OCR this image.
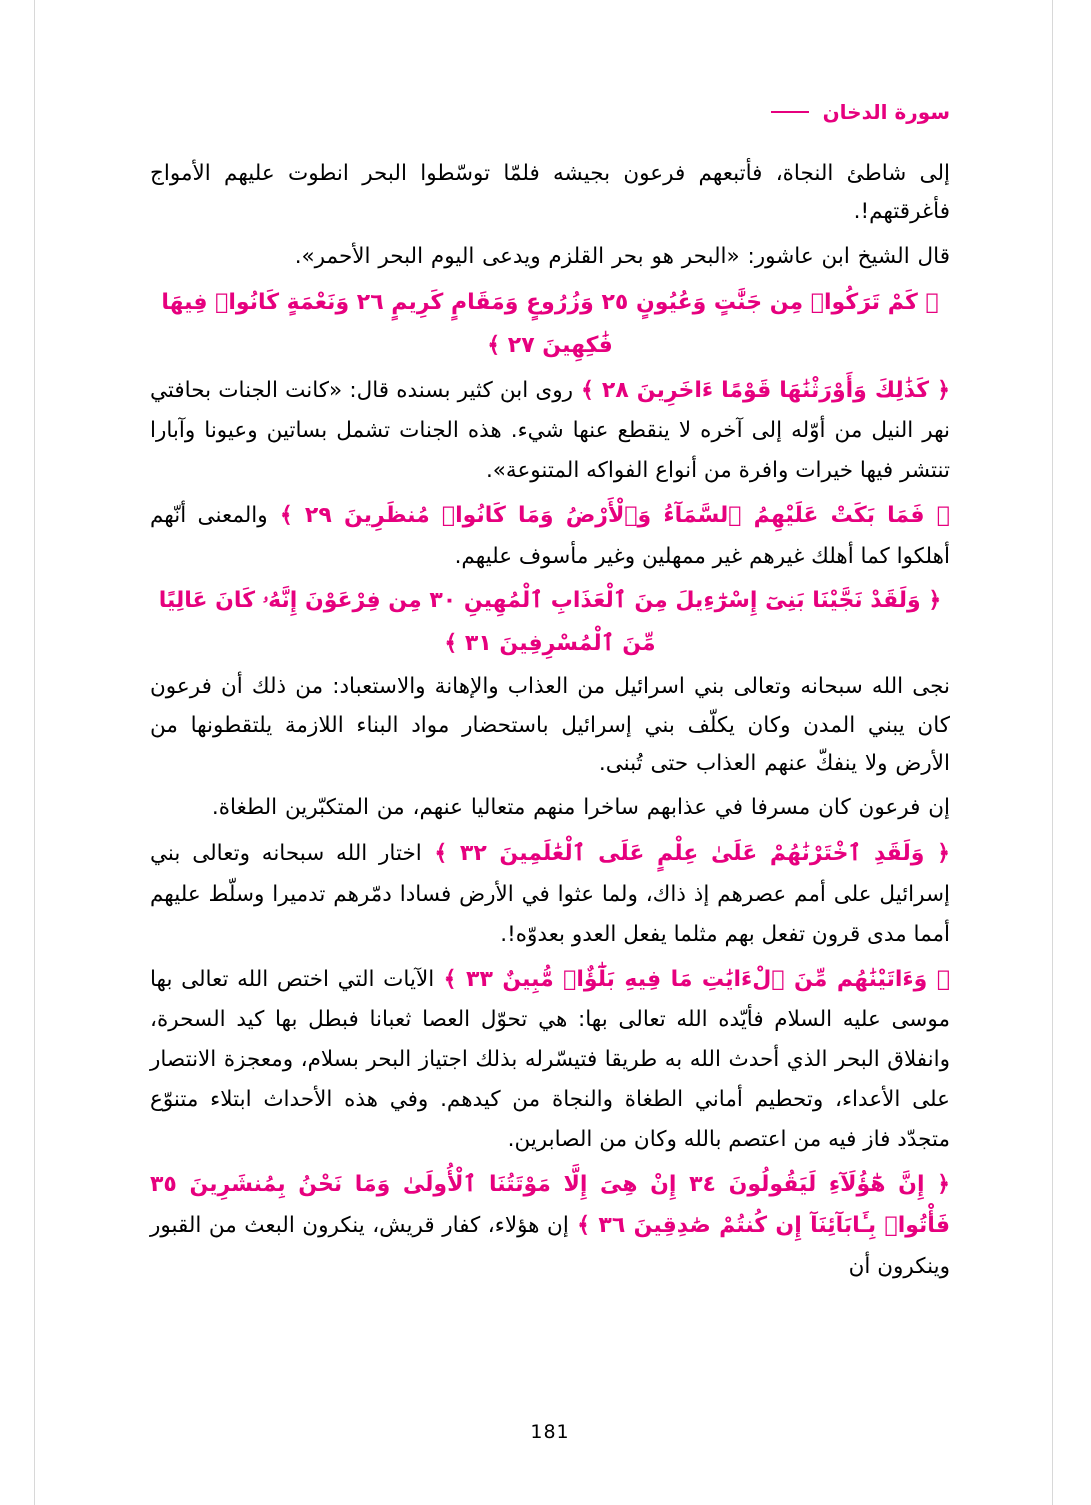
سورة الدخان

إلى شاطئ النجاة، فأتبعهم فرعون بجيشه فلمّا توسّطوا البحر انطوت عليهم الأمواج فأغرقتهم!.

قال الشيخ ابن عاشور: «البحر هو بحر القلزم ويدعى اليوم البحر الأحمر».

﴿ كَمْ تَرَكُوا۟ مِن جَنَّٰتٍ وَعُيُونٍ ٢٥ وَزُرُوعٍ وَمَقَامٍ كَرِيمٍ ٢٦ وَنَعْمَةٍ كَانُوا۟ فِيهَا فَٰكِهِينَ ٢٧ ﴾

﴿ كَذَٰلِكَ وَأَوْرَثْنَٰهَا قَوْمًا ءَاخَرِينَ ٢٨ ﴾ روى ابن كثير بسنده قال: «كانت الجنات بحافتي نهر النيل من أوّله إلى آخره لا ينقطع عنها شيء. هذه الجنات تشمل بساتين وعيونا وآبارا تنتشر فيها خيرات وافرة من أنواع الفواكه المتنوعة».

﴿ فَمَا بَكَتْ عَلَيْهِمُ ٱلسَّمَآءُ وَٱلْأَرْضُ وَمَا كَانُوا۟ مُنظَرِينَ ٢٩ ﴾ والمعنى أنّهم أهلكوا كما أهلك غيرهم غير ممهلين وغير مأسوف عليهم.

﴿ وَلَقَدْ نَجَّيْنَا بَنِىٓ إِسْرَٰٓءِيلَ مِنَ ٱلْعَذَابِ ٱلْمُهِينِ ٣٠ مِن فِرْعَوْنَ إِنَّهُۥ كَانَ عَالِيًا مِّنَ ٱلْمُسْرِفِينَ ٣١ ﴾

نجى الله سبحانه وتعالى بني اسرائيل من العذاب والإهانة والاستعباد: من ذلك أن فرعون كان يبني المدن وكان يكلّف بني إسرائيل باستحضار مواد البناء اللازمة يلتقطونها من الأرض ولا ينفكّ عنهم العذاب حتى تُبنى.

إن فرعون كان مسرفا في عذابهم ساخرا منهم متعاليا عنهم، من المتكبّرين الطغاة.

﴿ وَلَقَدِ ٱخْتَرْنَٰهُمْ عَلَىٰ عِلْمٍ عَلَى ٱلْعَٰلَمِينَ ٣٢ ﴾ اختار الله سبحانه وتعالى بني إسرائيل على أمم عصرهم إذ ذاك، ولما عثوا في الأرض فسادا دمّرهم تدميرا وسلّط عليهم أمما مدى قرون تفعل بهم مثلما يفعل العدو بعدوّه!.

﴿ وَءَاتَيْنَٰهُم مِّنَ ٱلْءَايَٰتِ مَا فِيهِ بَلَٰٓؤٌا۟ مُّبِينٌ ٣٣ ﴾ الآيات التي اختص الله تعالى بها موسى عليه السلام فأيّده الله تعالى بها: هي تحوّل العصا ثعبانا فبطل بها كيد السحرة، وانفلاق البحر الذي أحدث الله به طريقا فتيسّرله بذلك اجتياز البحر بسلام، ومعجزة الانتصار على الأعداء، وتحطيم أماني الطغاة والنجاة من كيدهم. وفي هذه الأحداث ابتلاء متنوّع متجدّد فاز فيه من اعتصم بالله وكان من الصابرين.

﴿ إِنَّ هَٰٓؤُلَآءِ لَيَقُولُونَ ٣٤ إِنْ هِىَ إِلَّا مَوْتَتُنَا ٱلْأُولَىٰ وَمَا نَحْنُ بِمُنشَرِينَ ٣٥ فَأْتُوا۟ بِـَٔابَآئِنَآ إِن كُنتُمْ صَٰدِقِينَ ٣٦ ﴾ إن هؤلاء، كفار قريش، ينكرون البعث من القبور وينكرون أن

181
